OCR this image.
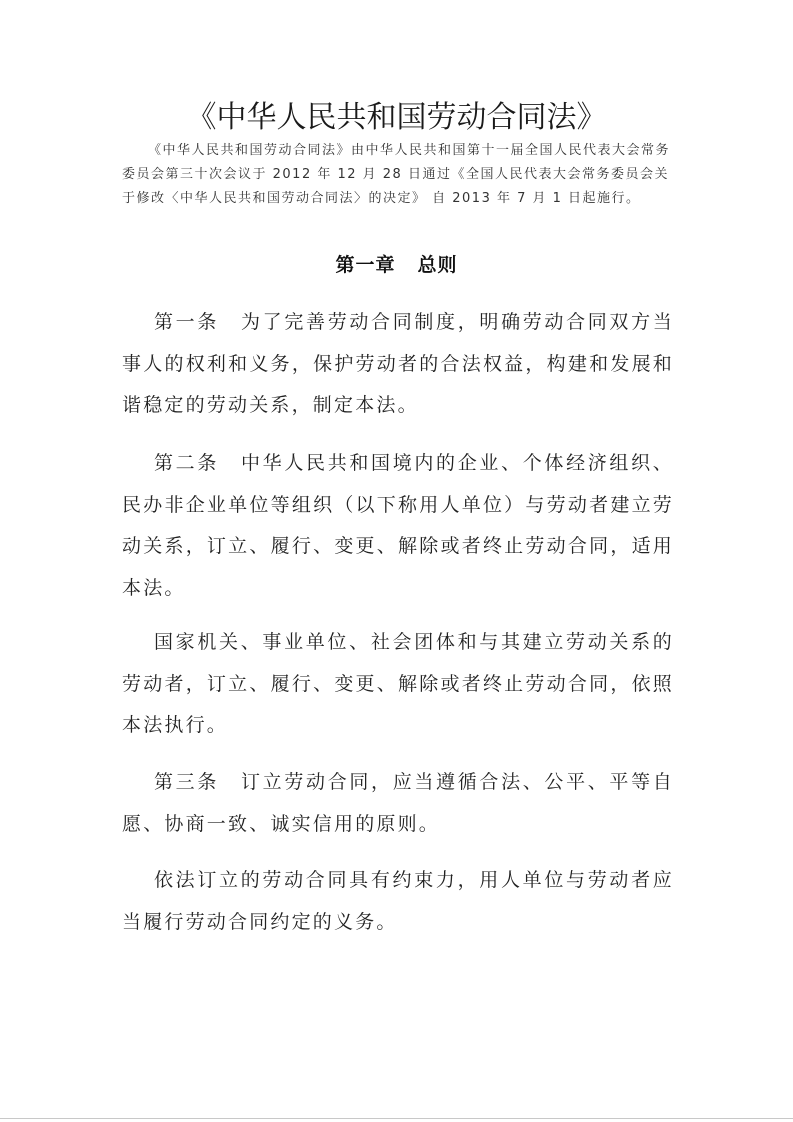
《中华人民共和国劳动合同法》
《中华人民共和国劳动合同法》由中华人民共和国第十一届全国人民代表大会常务委员会第三十次会议于 2012 年 12 月 28 日通过《全国人民代表大会常务委员会关于修改〈中华人民共和国劳动合同法〉的决定》 自 2013 年 7 月 1 日起施行。
第一章 总则
第一条 为了完善劳动合同制度，明确劳动合同双方当事人的权利和义务，保护劳动者的合法权益，构建和发展和谐稳定的劳动关系，制定本法。
第二条 中华人民共和国境内的企业、个体经济组织、民办非企业单位等组织（以下称用人单位）与劳动者建立劳动关系，订立、履行、变更、解除或者终止劳动合同，适用本法。
国家机关、事业单位、社会团体和与其建立劳动关系的劳动者，订立、履行、变更、解除或者终止劳动合同，依照本法执行。
第三条 订立劳动合同，应当遵循合法、公平、平等自愿、协商一致、诚实信用的原则。
依法订立的劳动合同具有约束力，用人单位与劳动者应当履行劳动合同约定的义务。
